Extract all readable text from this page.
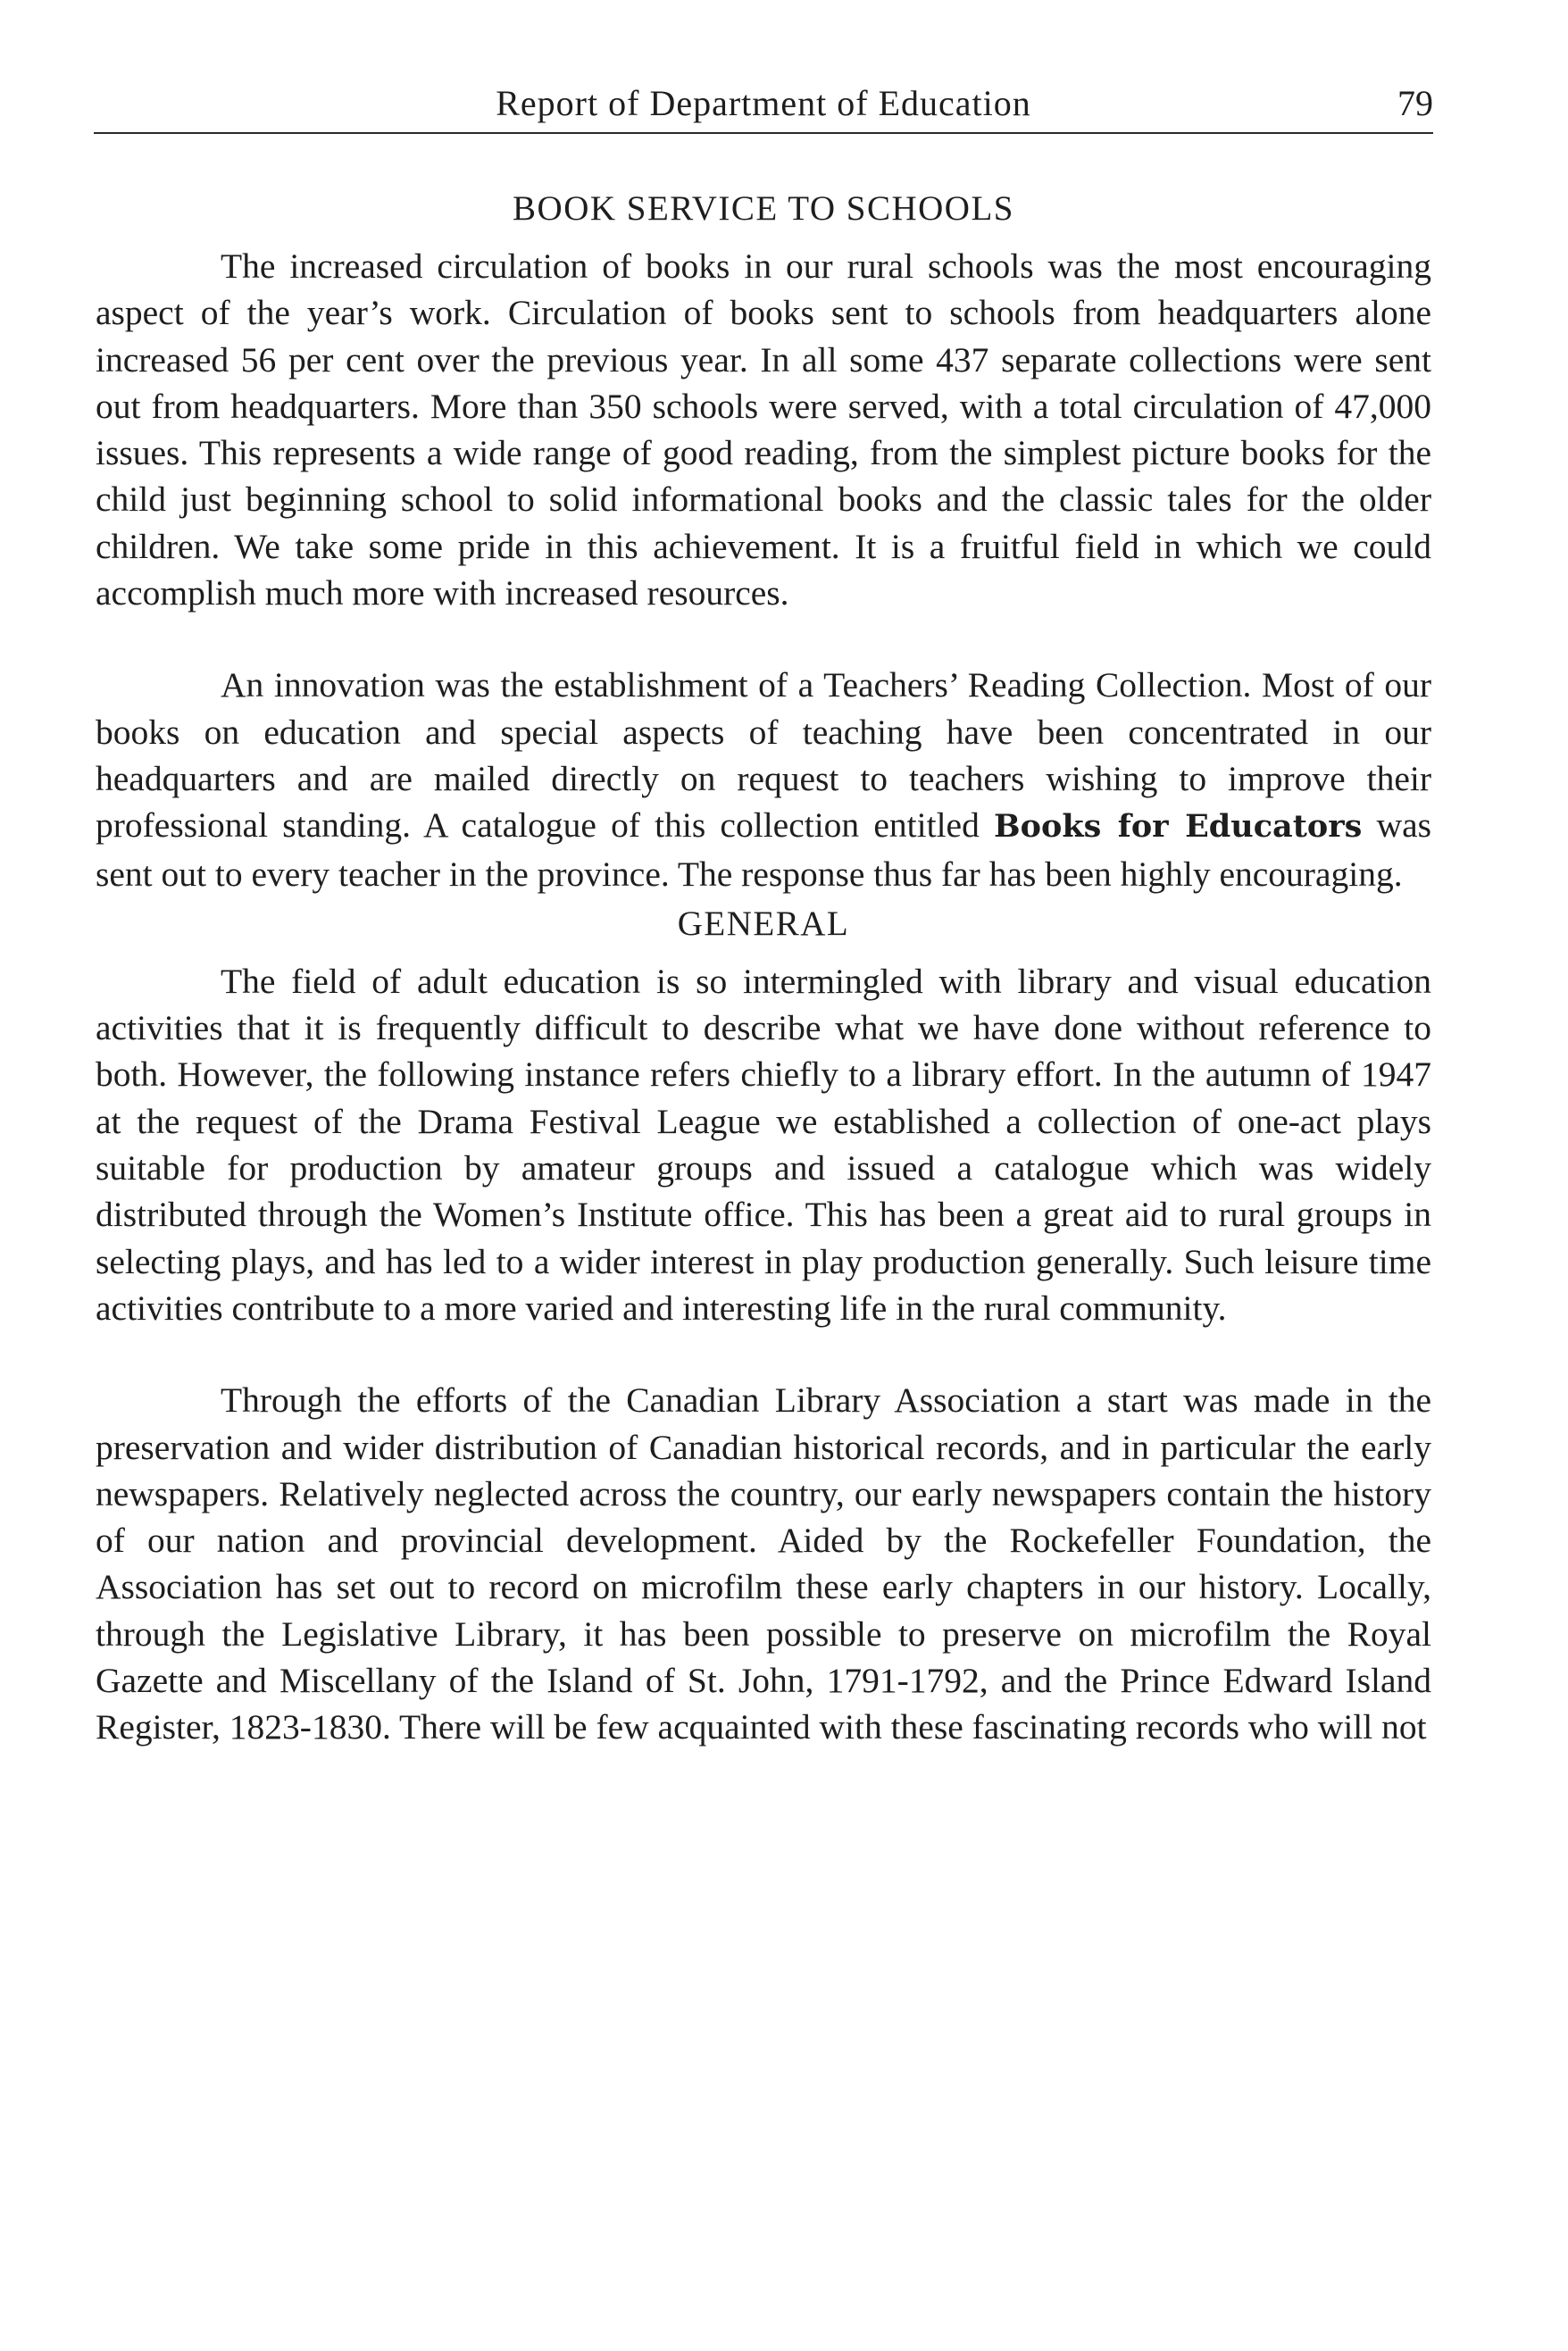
Report of Department of Education	79
BOOK SERVICE TO SCHOOLS

The increased circulation of books in our rural schools was the most encouraging aspect of the year’s work. Circulation of books sent to schools from headquarters alone increased 56 per cent over the previous year. In all some 437 separate collections were sent out from headquarters. More than 350 schools were served, with a total circulation of 47,000 issues. This represents a wide range of good reading, from the simplest picture books for the child just beginning school to solid informational books and the classic tales for the older children. We take some pride in this achievement. It is a fruitful field in which we could accomplish much more with increased resources.

An innovation was the establishment of a Teachers’ Reading Collection. Most of our books on education and special aspects of teaching have been concentrated in our headquarters and are mailed directly on request to teachers wishing to improve their professional standing. A catalogue of this collection entitled Books for Educators was sent out to every teacher in the province. The response thus far has been highly encouraging.

GENERAL

The field of adult education is so intermingled with library and visual education activities that it is frequently difficult to describe what we have done without reference to both. However, the following instance refers chiefly to a library effort. In the autumn of 1947 at the request of the Drama Festival League we established a collection of one-act plays suitable for production by amateur groups and issued a catalogue which was widely distributed through the Women’s Institute office. This has been a great aid to rural groups in selecting plays, and has led to a wider interest in play production generally. Such leisure time activities contribute to a more varied and interesting life in the rural community.

Through the efforts of the Canadian Library Association a start was made in the preservation and wider distribution of Canadian historical records, and in particular the early newspapers. Relatively neglected across the country, our early newspapers contain the history of our nation and provincial development. Aided by the Rockefeller Foundation, the Association has set out to record on microfilm these early chapters in our history. Locally, through the Legislative Library, it has been possible to preserve on microfilm the Royal Gazette and Miscellany of the Island of St. John, 1791-1792, and the Prince Edward Island Register, 1823-1830. There will be few acquainted with these fascinating records who will not
